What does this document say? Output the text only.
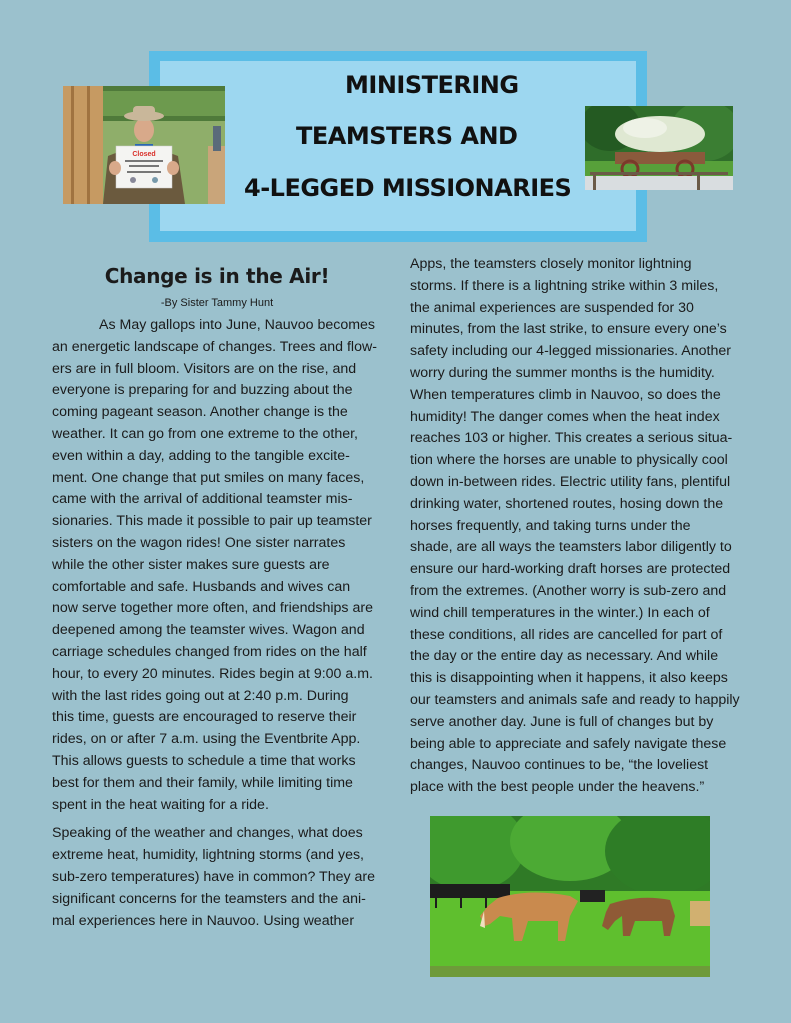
MINISTERING
TEAMSTERS AND
4-LEGGED MISSIONARIES
Closed
Change is in the Air!
-By Sister Tammy Hunt

As May gallops into June, Nauvoo becomes
an energetic landscape of changes. Trees and flow-
ers are in full bloom. Visitors are on the rise, and
everyone is preparing for and buzzing about the
coming pageant season. Another change is the
weather. It can go from one extreme to the other,
even within a day, adding to the tangible excite-
ment. One change that put smiles on many faces,
came with the arrival of additional teamster mis-
sionaries. This made it possible to pair up teamster
sisters on the wagon rides! One sister narrates
while the other sister makes sure guests are
comfortable and safe. Husbands and wives can
now serve together more often, and friendships are
deepened among the teamster wives. Wagon and
carriage schedules changed from rides on the half
hour, to every 20 minutes. Rides begin at 9:00 a.m.
with the last rides going out at 2:40 p.m. During
this time, guests are encouraged to reserve their
rides, on or after 7 a.m. using the Eventbrite App.
This allows guests to schedule a time that works
best for them and their family, while limiting time
spent in the heat waiting for a ride.

Speaking of the weather and changes, what does
extreme heat, humidity, lightning storms (and yes,
sub-zero temperatures) have in common? They are
significant concerns for the teamsters and the ani-
mal experiences here in Nauvoo. Using weather

Apps, the teamsters closely monitor lightning
storms. If there is a lightning strike within 3 miles,
the animal experiences are suspended for 30
minutes, from the last strike, to ensure every one’s
safety including our 4-legged missionaries. Another
worry during the summer months is the humidity.
When temperatures climb in Nauvoo, so does the
humidity! The danger comes when the heat index
reaches 103 or higher. This creates a serious situa-
tion where the horses are unable to physically cool
down in-between rides. Electric utility fans, plentiful
drinking water, shortened routes, hosing down the
horses frequently, and taking turns under the
shade, are all ways the teamsters labor diligently to
ensure our hard-working draft horses are protected
from the extremes. (Another worry is sub-zero and
wind chill temperatures in the winter.) In each of
these conditions, all rides are cancelled for part of
the day or the entire day as necessary. And while
this is disappointing when it happens, it also keeps
our teamsters and animals safe and ready to happily
serve another day. June is full of changes but by
being able to appreciate and safely navigate these
changes, Nauvoo continues to be, “the loveliest
place with the best people under the heavens.”
